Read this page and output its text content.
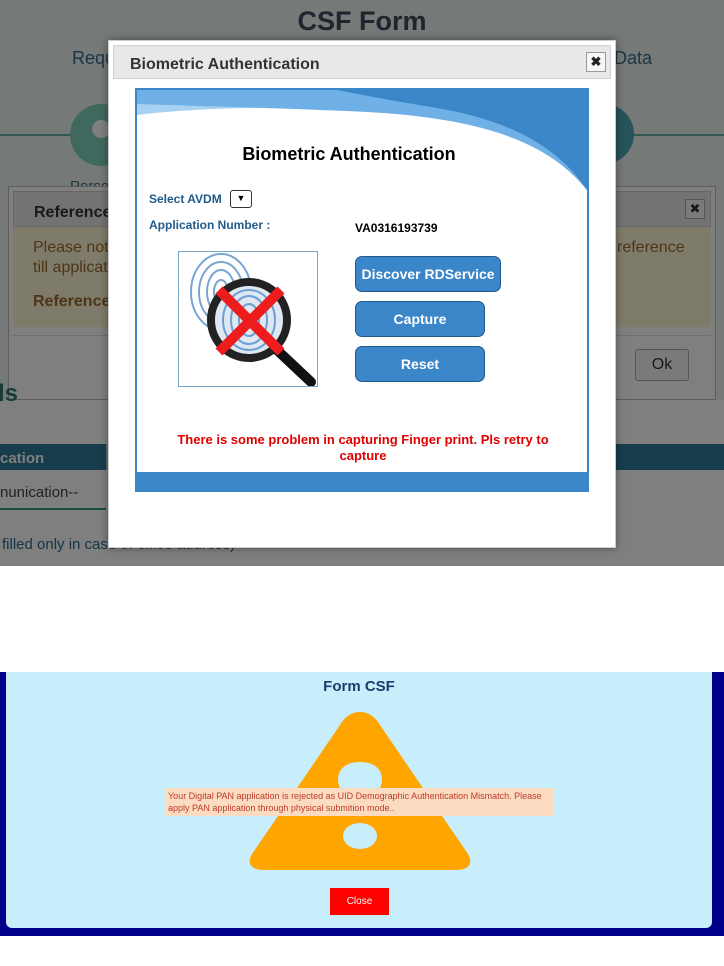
Biometric Authentication	✖
Biometric Authentication
Select AVDM	▼
Application Number :	VA0316193739
Discover RDService
Capture
Reset
There is some problem in capturing Finger print. Pls retry to capture
Form CSF
Your Digital PAN application is rejected as UID Demographic Authentication Mismatch. Please apply PAN application through physical submition mode..
Close
